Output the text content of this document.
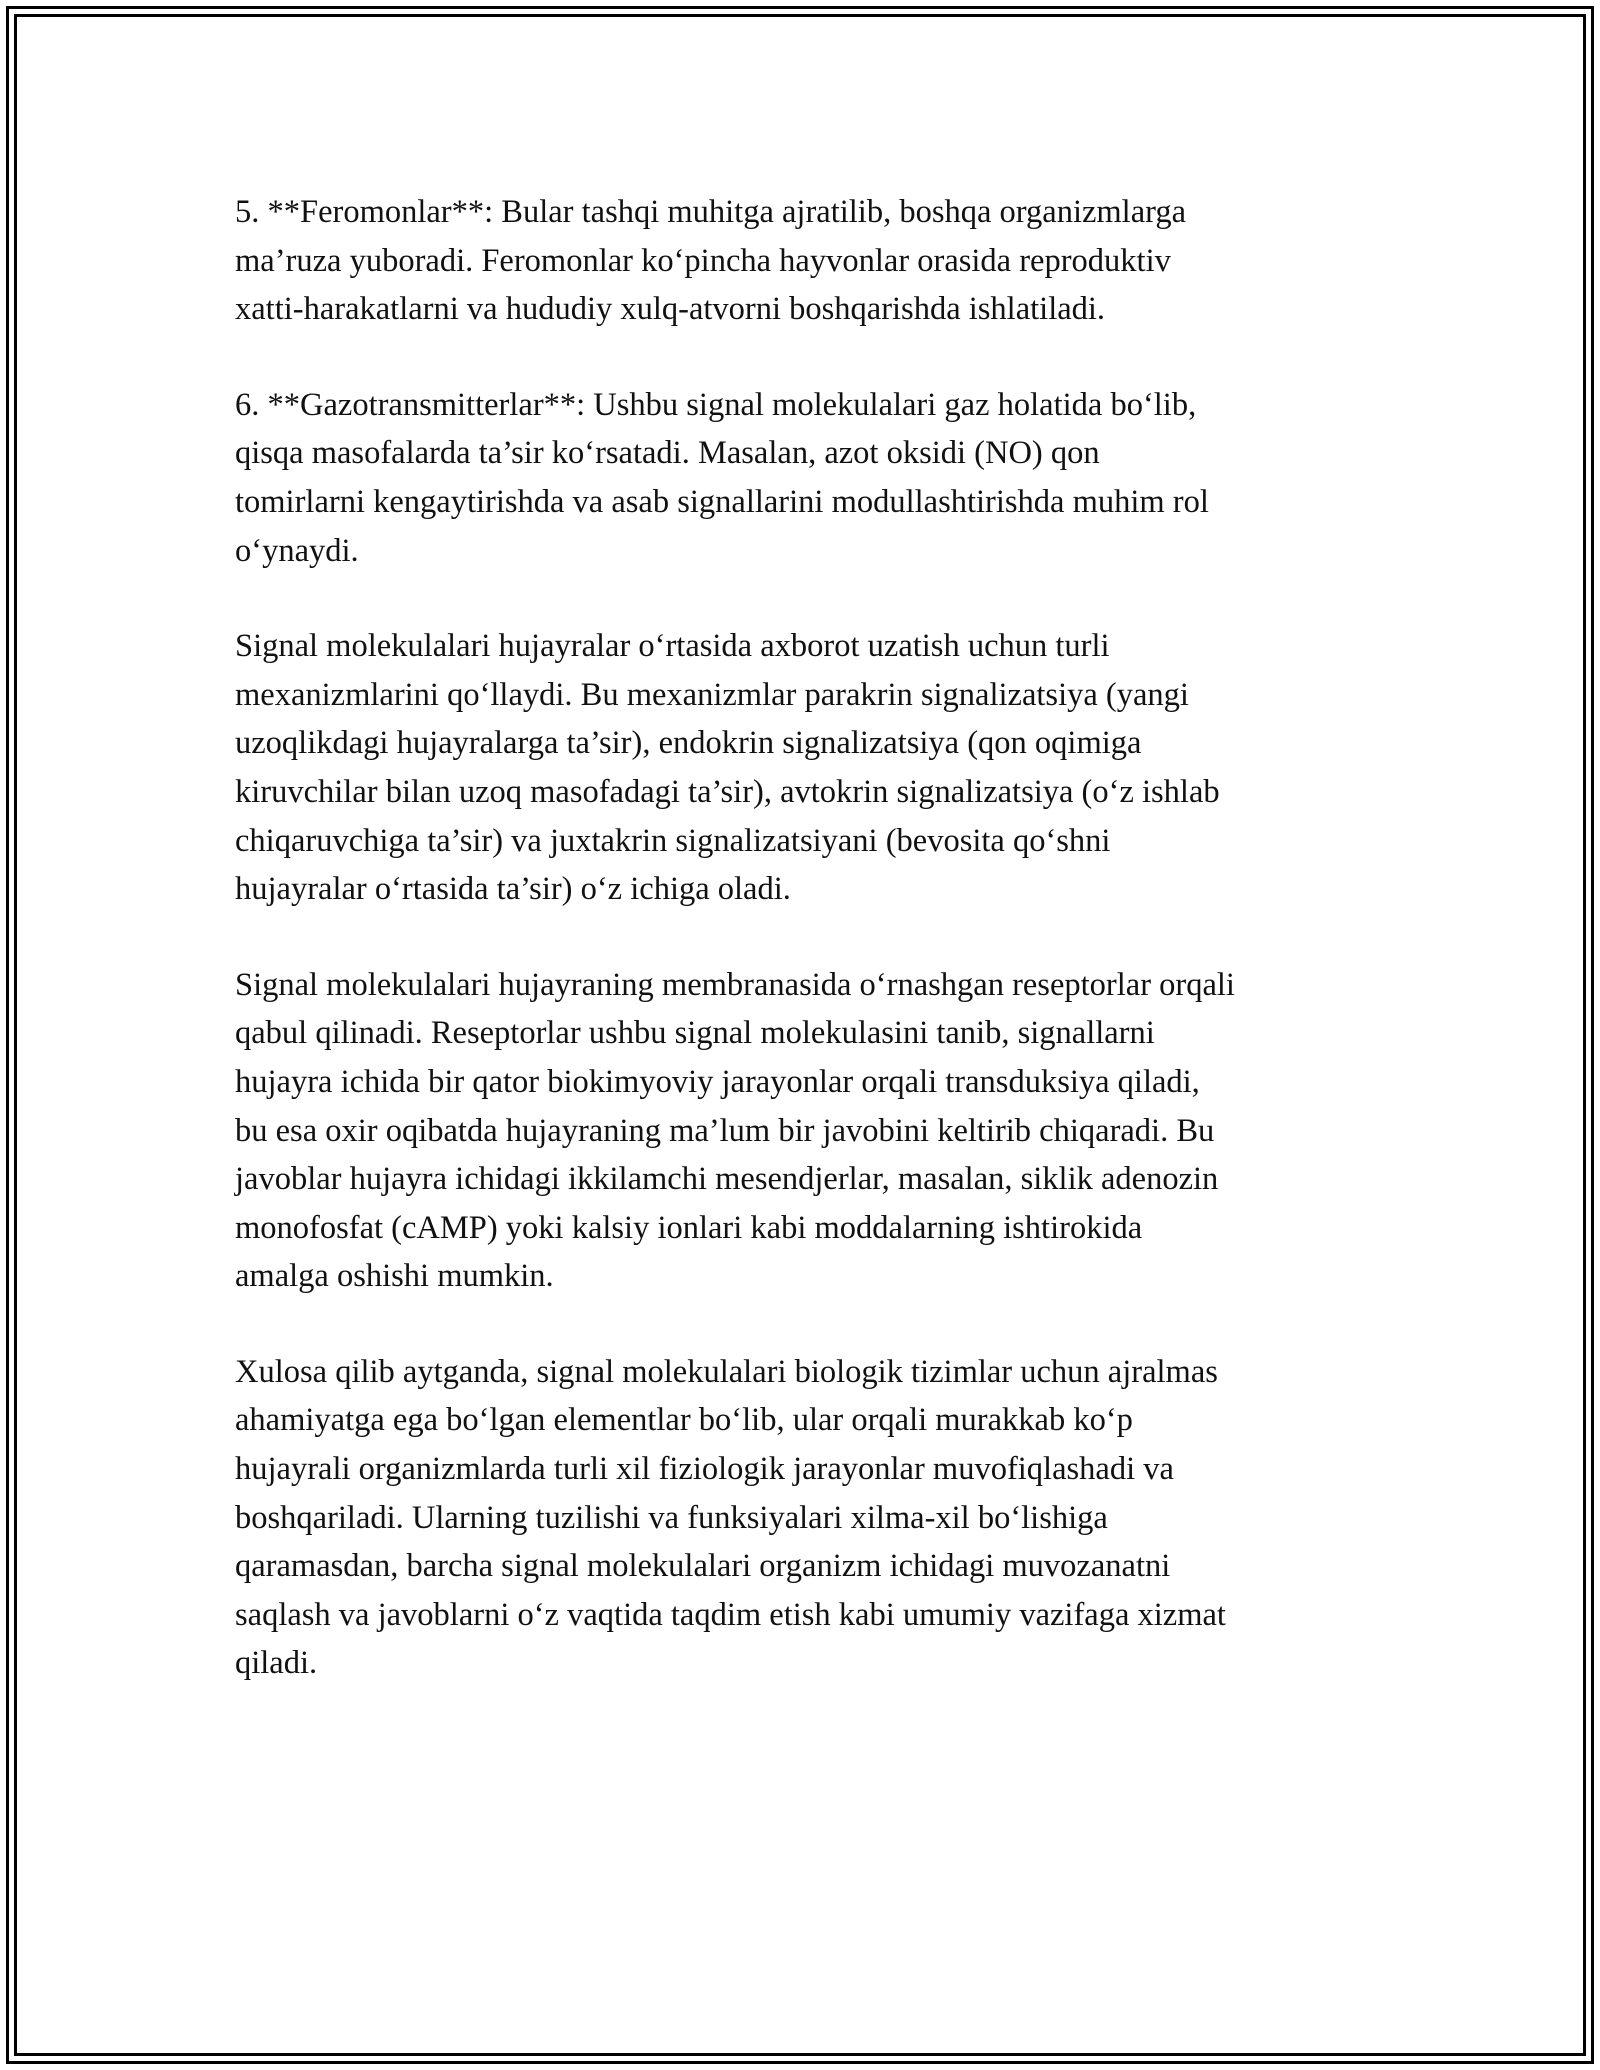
5. **Feromonlar**: Bular tashqi muhitga ajratilib, boshqa organizmlarga
ma’ruza yuboradi. Feromonlar ko‘pincha hayvonlar orasida reproduktiv
xatti-harakatlarni va hududiy xulq-atvorni boshqarishda ishlatiladi.

6. **Gazotransmitterlar**: Ushbu signal molekulalari gaz holatida bo‘lib,
qisqa masofalarda ta’sir ko‘rsatadi. Masalan, azot oksidi (NO) qon
tomirlarni kengaytirishda va asab signallarini modullashtirishda muhim rol
o‘ynaydi.

Signal molekulalari hujayralar o‘rtasida axborot uzatish uchun turli
mexanizmlarini qo‘llaydi. Bu mexanizmlar parakrin signalizatsiya (yangi
uzoqlikdagi hujayralarga ta’sir), endokrin signalizatsiya (qon oqimiga
kiruvchilar bilan uzoq masofadagi ta’sir), avtokrin signalizatsiya (o‘z ishlab
chiqaruvchiga ta’sir) va juxtakrin signalizatsiyani (bevosita qo‘shni
hujayralar o‘rtasida ta’sir) o‘z ichiga oladi.

Signal molekulalari hujayraning membranasida o‘rnashgan reseptorlar orqali
qabul qilinadi. Reseptorlar ushbu signal molekulasini tanib, signallarni
hujayra ichida bir qator biokimyoviy jarayonlar orqali transduksiya qiladi,
bu esa oxir oqibatda hujayraning ma’lum bir javobini keltirib chiqaradi. Bu
javoblar hujayra ichidagi ikkilamchi mesendjerlar, masalan, siklik adenozin
monofosfat (cAMP) yoki kalsiy ionlari kabi moddalarning ishtirokida
amalga oshishi mumkin.

Xulosa qilib aytganda, signal molekulalari biologik tizimlar uchun ajralmas
ahamiyatga ega bo‘lgan elementlar bo‘lib, ular orqali murakkab ko‘p
hujayrali organizmlarda turli xil fiziologik jarayonlar muvofiqlashadi va
boshqariladi. Ularning tuzilishi va funksiyalari xilma-xil bo‘lishiga
qaramasdan, barcha signal molekulalari organizm ichidagi muvozanatni
saqlash va javoblarni o‘z vaqtida taqdim etish kabi umumiy vazifaga xizmat
qiladi.
